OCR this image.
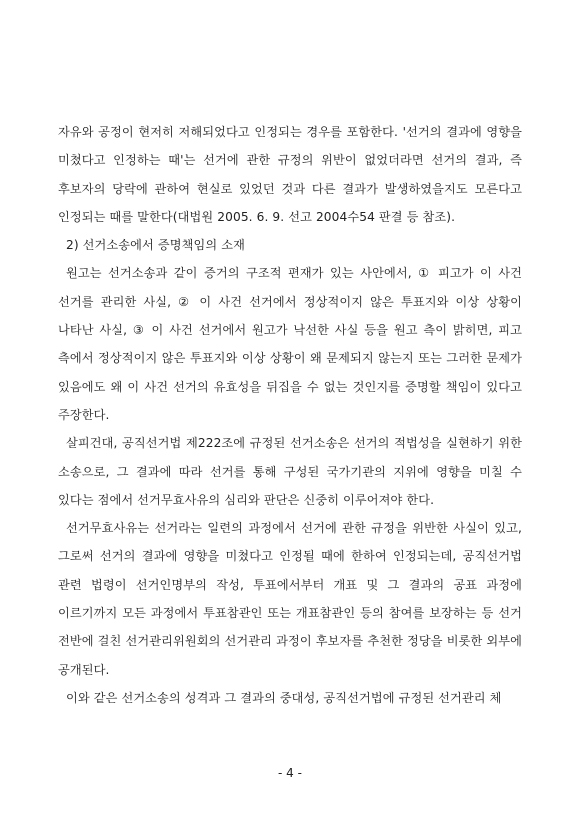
자유와 공정이 현저히 저해되었다고 인정되는 경우를 포함한다. '선거의 결과에 영향을 미쳤다고 인정하는 때'는 선거에 관한 규정의 위반이 없었더라면 선거의 결과, 즉 후보자의 당락에 관하여 현실로 있었던 것과 다른 결과가 발생하였을지도 모른다고 인정되는 때를 말한다(대법원 2005. 6. 9. 선고 2004수54 판결 등 참조).

2) 선거소송에서 증명책임의 소재

원고는 선거소송과 같이 증거의 구조적 편재가 있는 사안에서, ① 피고가 이 사건 선거를 관리한 사실, ② 이 사건 선거에서 정상적이지 않은 투표지와 이상 상황이 나타난 사실, ③ 이 사건 선거에서 원고가 낙선한 사실 등을 원고 측이 밝히면, 피고 측에서 정상적이지 않은 투표지와 이상 상황이 왜 문제되지 않는지 또는 그러한 문제가 있음에도 왜 이 사건 선거의 유효성을 뒤집을 수 없는 것인지를 증명할 책임이 있다고 주장한다.

살피건대, 공직선거법 제222조에 규정된 선거소송은 선거의 적법성을 실현하기 위한 소송으로, 그 결과에 따라 선거를 통해 구성된 국가기관의 지위에 영향을 미칠 수 있다는 점에서 선거무효사유의 심리와 판단은 신중히 이루어져야 한다.

선거무효사유는 선거라는 일련의 과정에서 선거에 관한 규정을 위반한 사실이 있고, 그로써 선거의 결과에 영향을 미쳤다고 인정될 때에 한하여 인정되는데, 공직선거법 관련 법령이 선거인명부의 작성, 투표에서부터 개표 및 그 결과의 공표 과정에 이르기까지 모든 과정에서 투표참관인 또는 개표참관인 등의 참여를 보장하는 등 선거 전반에 걸친 선거관리위원회의 선거관리 과정이 후보자를 추천한 정당을 비롯한 외부에 공개된다.

이와 같은 선거소송의 성격과 그 결과의 중대성, 공직선거법에 규정된 선거관리 체

- 4 -
